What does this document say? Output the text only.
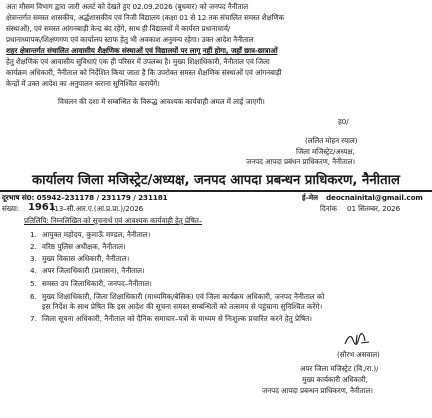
अतः मौसम विभाग द्वारा जारी अलर्ट को देखते हुए 02.09.2026 (बुधवार) को जनपद नैनीताल
क्षेत्रान्तर्गत समस्त शासकीय, अर्द्धशासकीय एवं निजी विद्यालय (कक्षा 01 से 12 तक संचालित समस्त शैक्षणिक
संस्थाओं), एवं समस्त आंगनबाड़ी केन्द्र बंद रहेंगे, साथ ही विद्यालयों में कार्यरत प्रधानाचार्य/
प्रधानाध्यापक/शिक्षणगण एवं कार्यालय स्टाफ हेतु भी अवकाश अनुमन्य रहेगा। उक्त आदेश नैनीताल
शहर क्षेत्रान्तर्गत संचालित आवासीय शैक्षणिक संस्थाओं एवं विद्यालयों पर लागू नहीं होगा, जहाँ छात्र-छात्राओं
हेतु शैक्षणिक एवं आवासीय सुविधाएं एक ही परिसर में उपलब्ध है। मुख्य शिक्षाधिकारी, नैनीताल एवं जिला
कार्यक्रम अधिकारी, नैनीताल को निर्देशित किया जाता है कि उपरोक्त समस्त शैक्षणिक संस्थाओं एवं आंगनबाड़ी
केन्द्रों में उक्त आदेश का अनुपालन कराना सुनिश्चित करायेंगे।
विचलन की दशा में सम्बन्धित के विरूद्ध आवश्यक कार्यवाही अमल में लाई जाएगी।
ह0/
(ललित मोहन रयाल)
जिला मजिस्ट्रेट/अध्यक्ष,
जनपद आपदा प्रबंधन प्राधिकरण, नैनीताल।
कार्यालय जिला मजिस्ट्रेट/अध्यक्ष, जनपद आपदा प्रबन्धन प्राधिकरण, नैनीताल
दूरभाष सं0: 05942–231178 / 231179 / 231181	ई–मेल deocnainital@gmail.com
संख्या: 1961
/13–सी.आर.ए.(आ.प्र.प्रा.)/2026	दिनांक 01 सितम्बर, 2026
प्रतिलिपि: निम्नलिखित को सूचनार्थ एवं आवश्यक कार्यवाही हेतु प्रेषित–
1. आयुक्त महोदय, कुमाऊँ मण्डल, नैनीताल।
2. वरिष्ठ पुलिस अधीक्षक, नैनीताल।
3. मुख्य विकास अधिकारी, नैनीताल।
4. अपर जिलाधिकारी (प्रशासन), नैनीताल।
5. समस्त उप जिलाधिकारी, जनपद–नैनीताल।
6. मुख्य शिक्षाधिकारी, जिला शिक्षाधिकारी (माध्यमिक/बेसिक) एवं जिला कार्यक्रम अधिकारी, जनपद नैनीताल को
इस निर्देश के साथ प्रेषित कि इस आदेश की सूचना समस्त सम्बन्धितों को तत्समय से पहुंचाना सुनिश्चित करेंगे।
7. जिला सूचना अधिकारी, नैनीताल को दैनिक समाचार–पत्रों के माध्यम से निःशुल्क प्रचारित करने हेतु प्रेषित।
(सौरभ असवाल)
अपर जिला मजिस्ट्रेट (वि./रा.)/
मुख्य कार्यकारी अधिकारी,
जनपद आपदा प्रबन्धन प्राधिकरण, नैनीताल।
